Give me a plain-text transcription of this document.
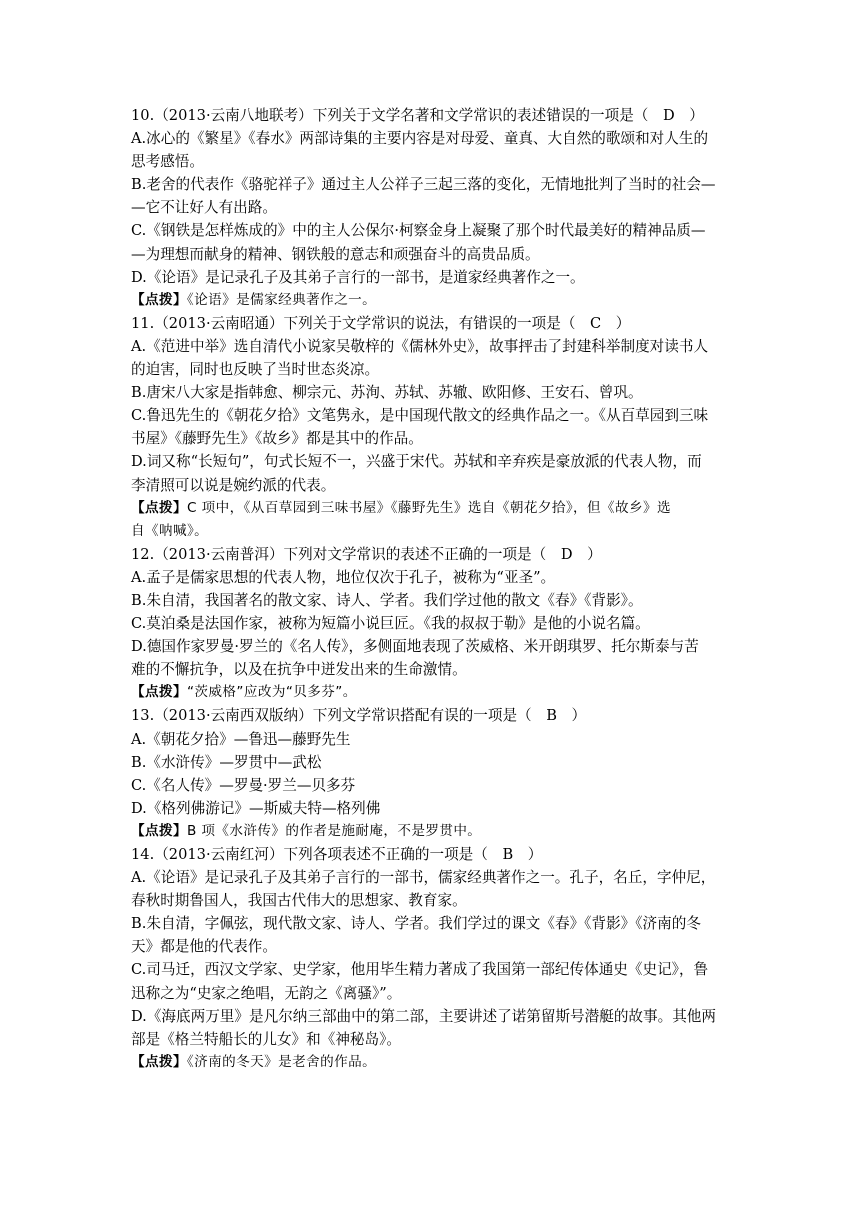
10.（2013·云南八地联考）下列关于文学名著和文学常识的表述错误的一项是（　D　）
A.冰心的《繁星》《春水》两部诗集的主要内容是对母爱、童真、大自然的歌颂和对人生的
思考感悟。
B.老舍的代表作《骆驼祥子》通过主人公祥子三起三落的变化，无情地批判了当时的社会—
—它不让好人有出路。
C.《钢铁是怎样炼成的》中的主人公保尔·柯察金身上凝聚了那个时代最美好的精神品质—
—为理想而献身的精神、钢铁般的意志和顽强奋斗的高贵品质。
D.《论语》是记录孔子及其弟子言行的一部书，是道家经典著作之一。
【点拨】《论语》是儒家经典著作之一。
11.（2013·云南昭通）下列关于文学常识的说法，有错误的一项是（　C　）
A.《范进中举》选自清代小说家吴敬梓的《儒林外史》，故事抨击了封建科举制度对读书人
的迫害，同时也反映了当时世态炎凉。
B.唐宋八大家是指韩愈、柳宗元、苏洵、苏轼、苏辙、欧阳修、王安石、曾巩。
C.鲁迅先生的《朝花夕拾》文笔隽永，是中国现代散文的经典作品之一。《从百草园到三味
书屋》《藤野先生》《故乡》都是其中的作品。
D.词又称“长短句”，句式长短不一，兴盛于宋代。苏轼和辛弃疾是豪放派的代表人物，而
李清照可以说是婉约派的代表。
【点拨】C 项中，《从百草园到三味书屋》《藤野先生》选自《朝花夕拾》，但《故乡》选
自《呐喊》。
12.（2013·云南普洱）下列对文学常识的表述不正确的一项是（　D　）
A.孟子是儒家思想的代表人物，地位仅次于孔子，被称为“亚圣”。
B.朱自清，我国著名的散文家、诗人、学者。我们学过他的散文《春》《背影》。
C.莫泊桑是法国作家，被称为短篇小说巨匠。《我的叔叔于勒》是他的小说名篇。
D.德国作家罗曼·罗兰的《名人传》，多侧面地表现了茨威格、米开朗琪罗、托尔斯泰与苦
难的不懈抗争，以及在抗争中迸发出来的生命激情。
【点拨】“茨威格”应改为“贝多芬”。
13.（2013·云南西双版纳）下列文学常识搭配有误的一项是（　B　）
A.《朝花夕拾》—鲁迅—藤野先生
B.《水浒传》—罗贯中—武松
C.《名人传》—罗曼·罗兰—贝多芬
D.《格列佛游记》—斯威夫特—格列佛
【点拨】B 项《水浒传》的作者是施耐庵，不是罗贯中。
14.（2013·云南红河）下列各项表述不正确的一项是（　B　）
A.《论语》是记录孔子及其弟子言行的一部书，儒家经典著作之一。孔子，名丘，字仲尼，
春秋时期鲁国人，我国古代伟大的思想家、教育家。
B.朱自清，字佩弦，现代散文家、诗人、学者。我们学过的课文《春》《背影》《济南的冬
天》都是他的代表作。
C.司马迁，西汉文学家、史学家，他用毕生精力著成了我国第一部纪传体通史《史记》，鲁
迅称之为“史家之绝唱，无韵之《离骚》”。
D.《海底两万里》是凡尔纳三部曲中的第二部，主要讲述了诺第留斯号潜艇的故事。其他两
部是《格兰特船长的儿女》和《神秘岛》。
【点拨】《济南的冬天》是老舍的作品。
